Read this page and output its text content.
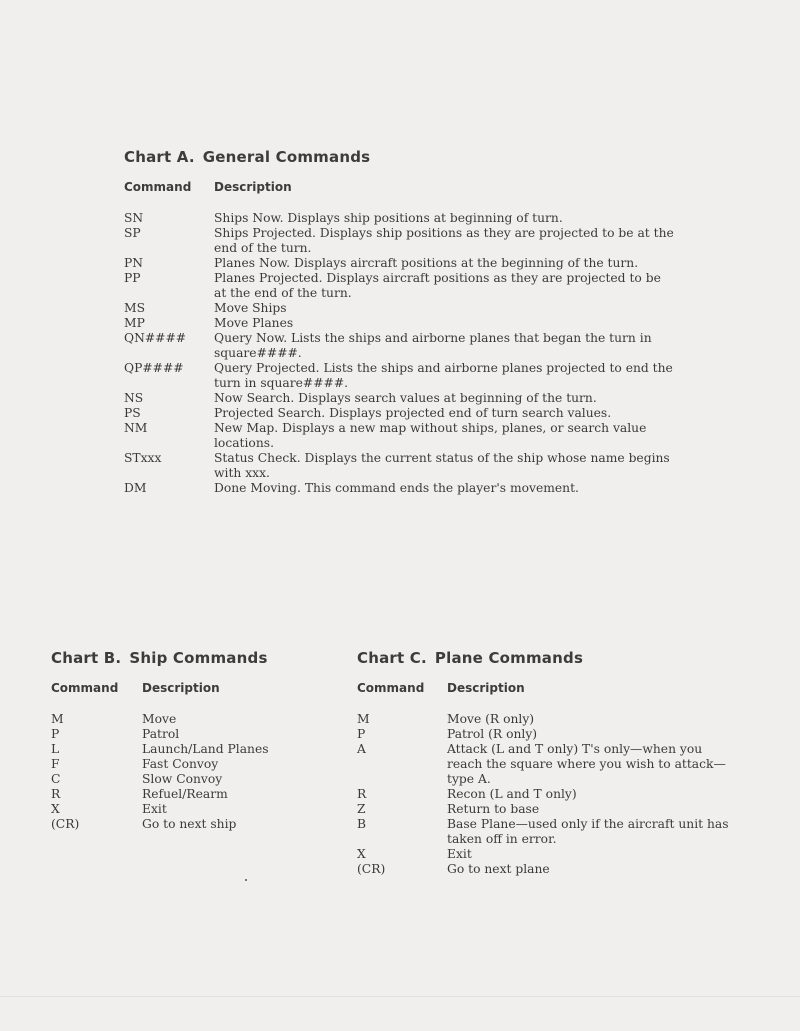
Chart A. General Commands
Command Description
SN	Ships Now. Displays ship positions at beginning of turn.
SP	Ships Projected. Displays ship positions as they are projected to be at the end of the turn.
PN	Planes Now. Displays aircraft positions at the beginning of the turn.
PP	Planes Projected. Displays aircraft positions as they are projected to be at the end of the turn.
MS	Move Ships
MP	Move Planes
QN#### Query Now. Lists the ships and airborne planes that began the turn in square####.
QP#### Query Projected. Lists the ships and airborne planes projected to end the turn in square####.
NS	Now Search. Displays search values at beginning of the turn.
PS	Projected Search. Displays projected end of turn search values.
NM	New Map. Displays a new map without ships, planes, or search value locations.
STxxx	Status Check. Displays the current status of the ship whose name begins with xxx.
DM	Done Moving. This command ends the player's movement.
Chart B. Ship Commands
Command Description
M	Move
P	Patrol
L	Launch/Land Planes
F	Fast Convoy
C	Slow Convoy
R	Refuel/Rearm
X	Exit
(CR)	Go to next ship
Chart C. Plane Commands
Command Description
M	Move (R only)
P	Patrol (R only)
A	Attack (L and T only) T's only—when you reach the square where you wish to attack— type A.
R	Recon (L and T only)
Z	Return to base
B	Base Plane—used only if the aircraft unit has taken off in error.
X	Exit
(CR)	Go to next plane
